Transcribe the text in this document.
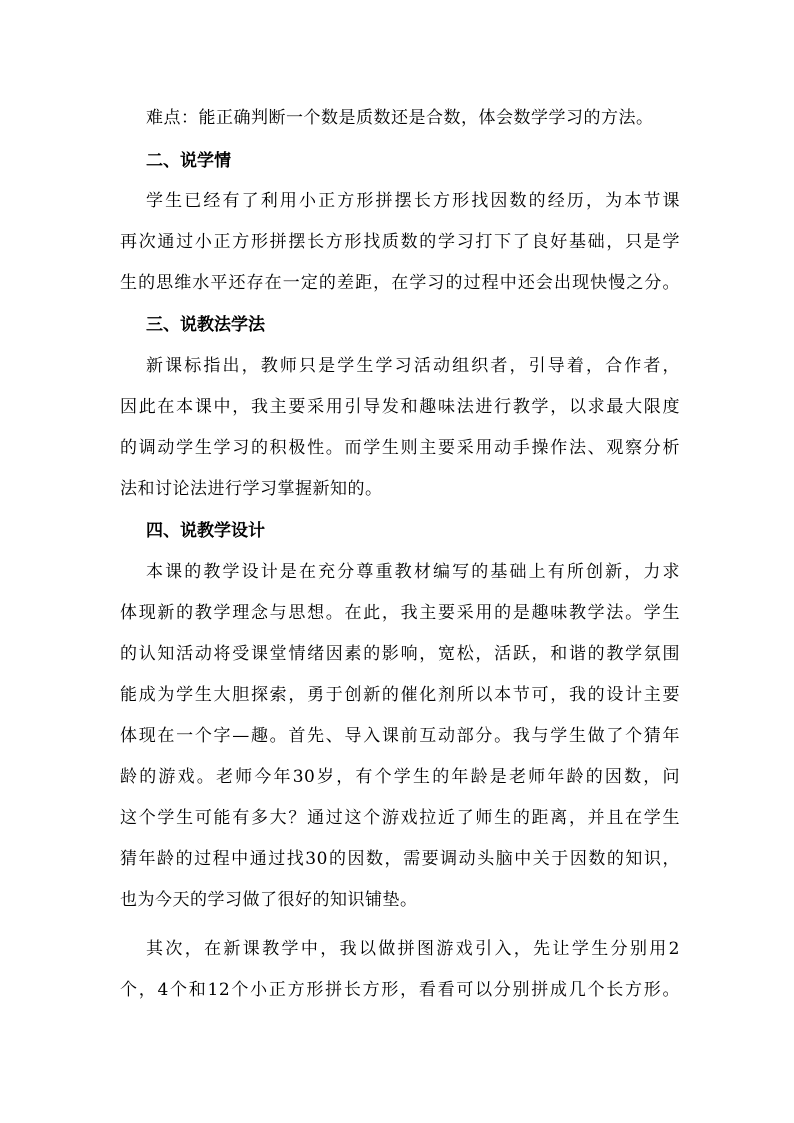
难点：能正确判断一个数是质数还是合数，体会数学学习的方法。
二、说学情
学生已经有了利用小正方形拼摆长方形找因数的经历，为本节课
再次通过小正方形拼摆长方形找质数的学习打下了良好基础，只是学
生的思维水平还存在一定的差距，在学习的过程中还会出现快慢之分。
三、说教法学法
新课标指出，教师只是学生学习活动组织者，引导着，合作者，
因此在本课中，我主要采用引导发和趣味法进行教学，以求最大限度
的调动学生学习的积极性。而学生则主要采用动手操作法、观察分析
法和讨论法进行学习掌握新知的。
四、说教学设计
本课的教学设计是在充分尊重教材编写的基础上有所创新，力求
体现新的教学理念与思想。在此，我主要采用的是趣味教学法。学生
的认知活动将受课堂情绪因素的影响，宽松，活跃，和谐的教学氛围
能成为学生大胆探索，勇于创新的催化剂所以本节可，我的设计主要
体现在一个字—趣。首先、导入课前互动部分。我与学生做了个猜年
龄的游戏。老师今年30岁，有个学生的年龄是老师年龄的因数，问
这个学生可能有多大？通过这个游戏拉近了师生的距离，并且在学生
猜年龄的过程中通过找30的因数，需要调动头脑中关于因数的知识，
也为今天的学习做了很好的知识铺垫。
其次，在新课教学中，我以做拼图游戏引入，先让学生分别用2
个，4个和12个小正方形拼长方形，看看可以分别拼成几个长方形。
